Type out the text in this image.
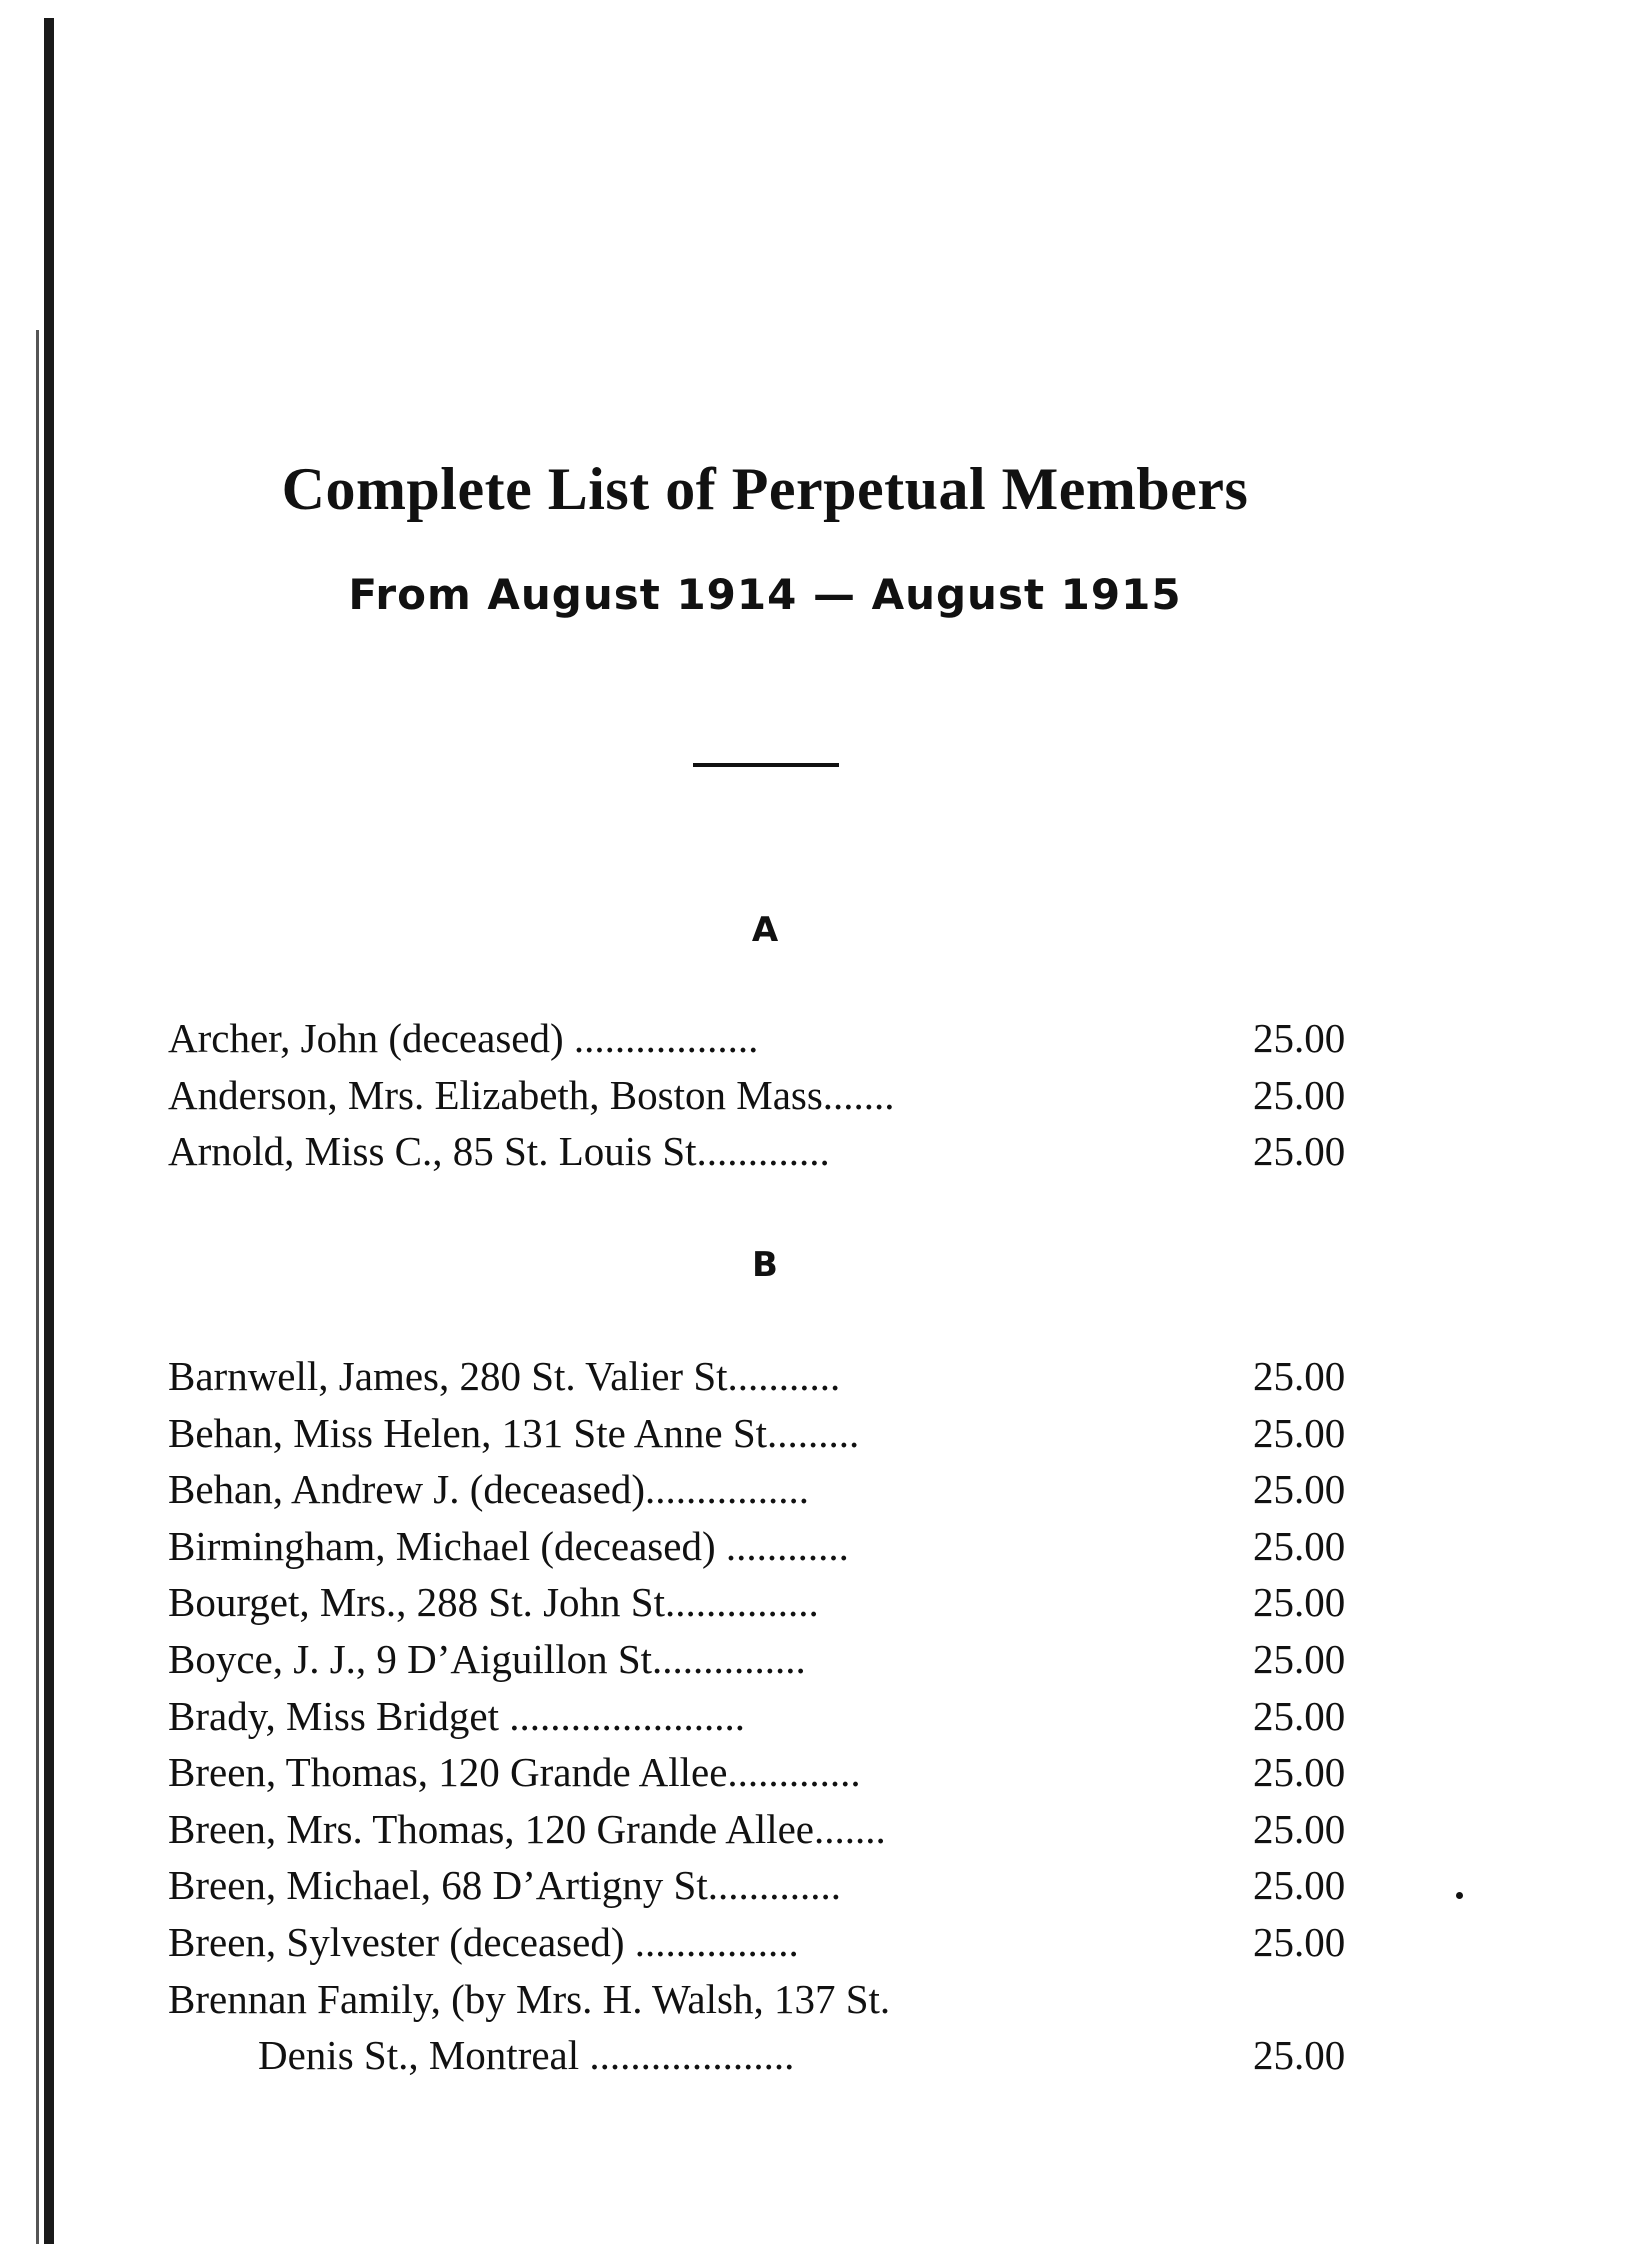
Complete List of Perpetual Members
From August 1914 — August 1915
A
Archer, John (deceased) ..................	25.00
Anderson, Mrs. Elizabeth, Boston Mass.......	25.00
Arnold, Miss C., 85 St. Louis St.............	25.00
B
Barnwell, James, 280 St. Valier St...........	25.00
Behan, Miss Helen, 131 Ste Anne St.........	25.00
Behan, Andrew J. (deceased)................	25.00
Birmingham, Michael (deceased) ............	25.00
Bourget, Mrs., 288 St. John St...............	25.00
Boyce, J. J., 9 D’Aiguillon St...............	25.00
Brady, Miss Bridget .......................	25.00
Breen, Thomas, 120 Grande Allee.............	25.00
Breen, Mrs. Thomas, 120 Grande Allee.......	25.00
Breen, Michael, 68 D’Artigny St.............	25.00
Breen, Sylvester (deceased) ................	25.00
Brennan Family, (by Mrs. H. Walsh, 137 St.
Denis St., Montreal ....................	25.00
